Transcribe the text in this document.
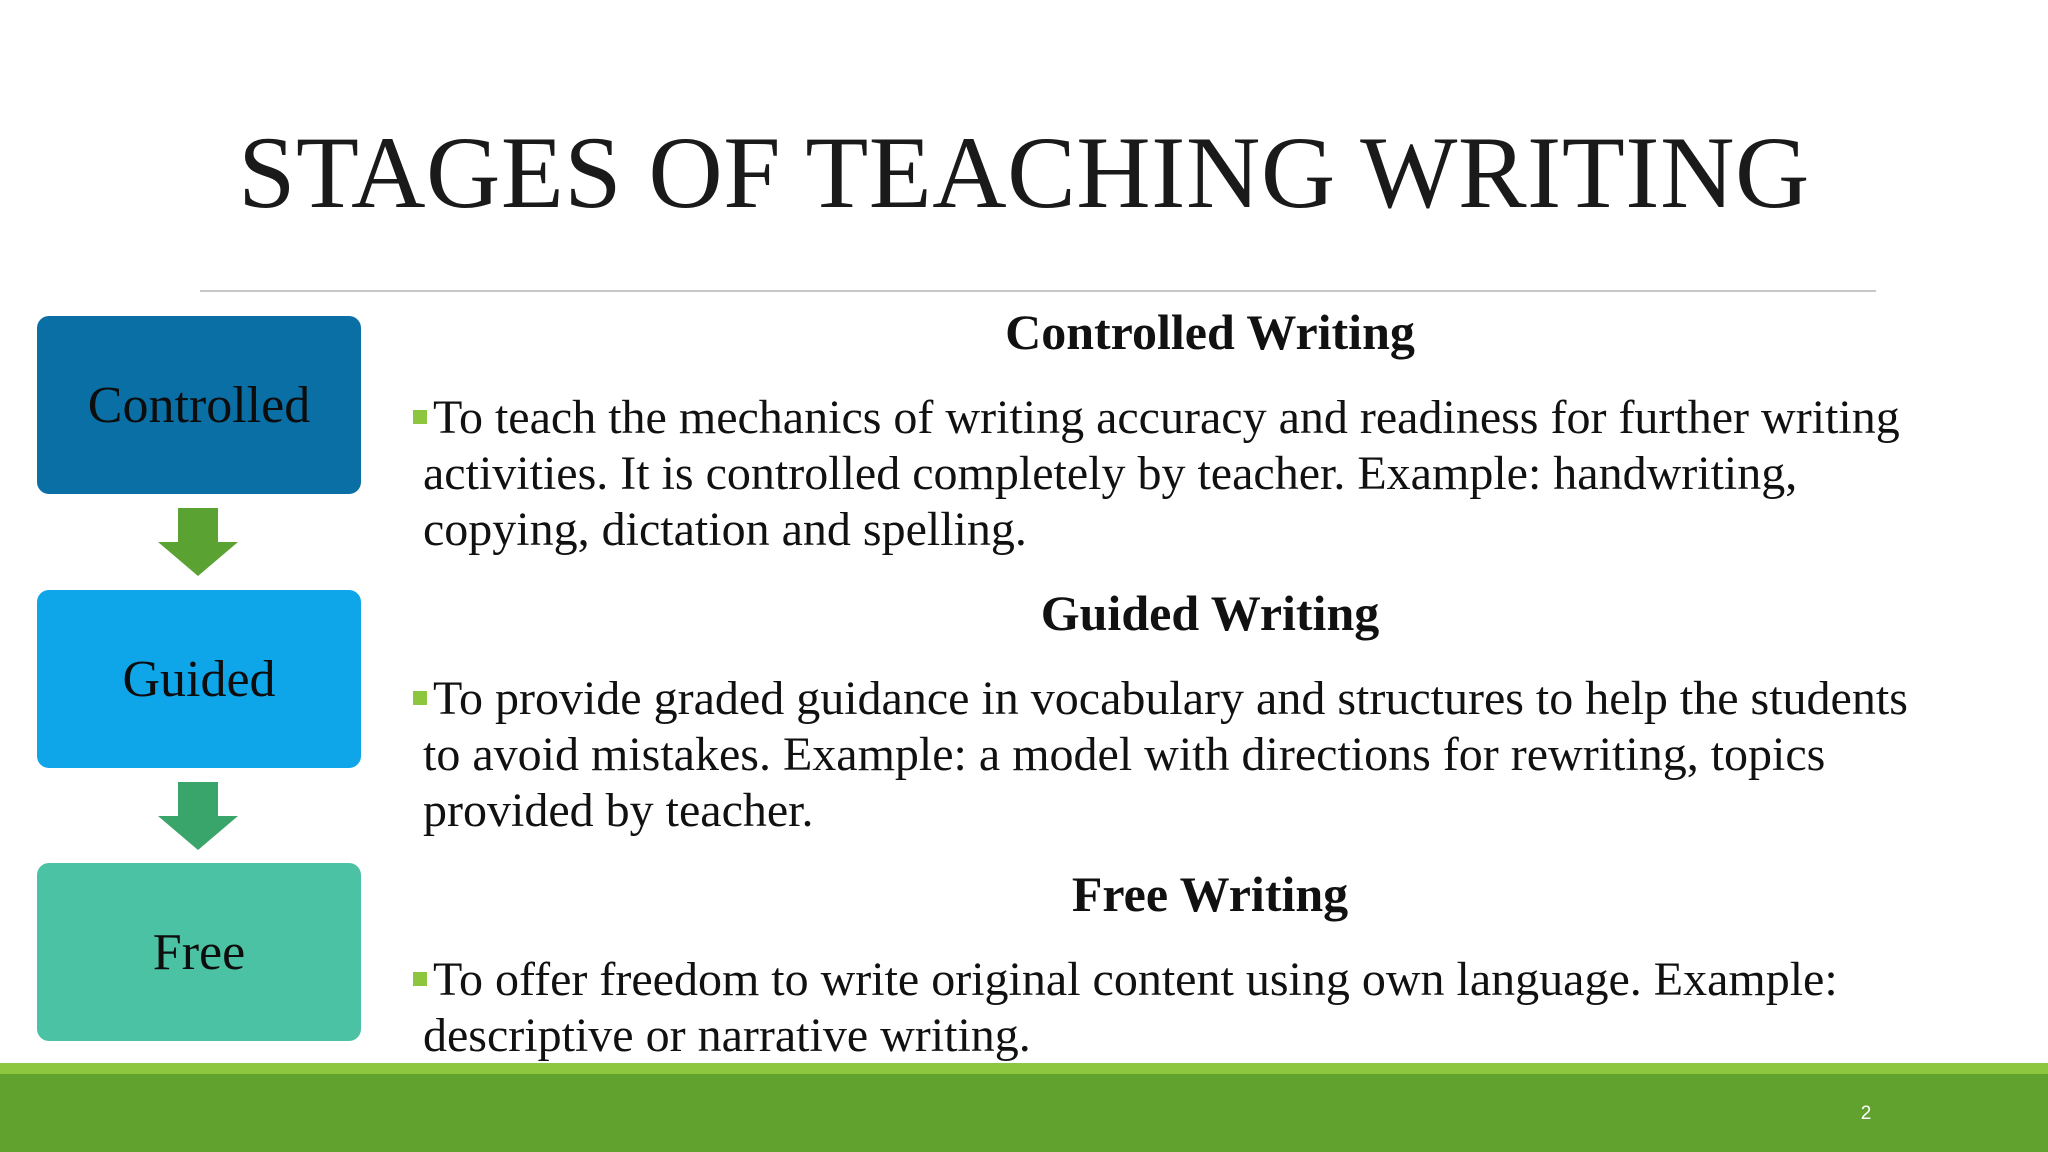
STAGES OF TEACHING WRITING
Controlled
Guided
Free
Controlled Writing
To teach the mechanics of writing accuracy and readiness for further writing
activities. It is controlled completely by teacher. Example: handwriting,
copying, dictation and spelling.
Guided Writing
To provide graded guidance in vocabulary and structures to help the students
to avoid mistakes. Example: a model with directions for rewriting, topics
provided by teacher.
Free Writing
To offer freedom to write original content using own language. Example:
descriptive or narrative writing.
2
